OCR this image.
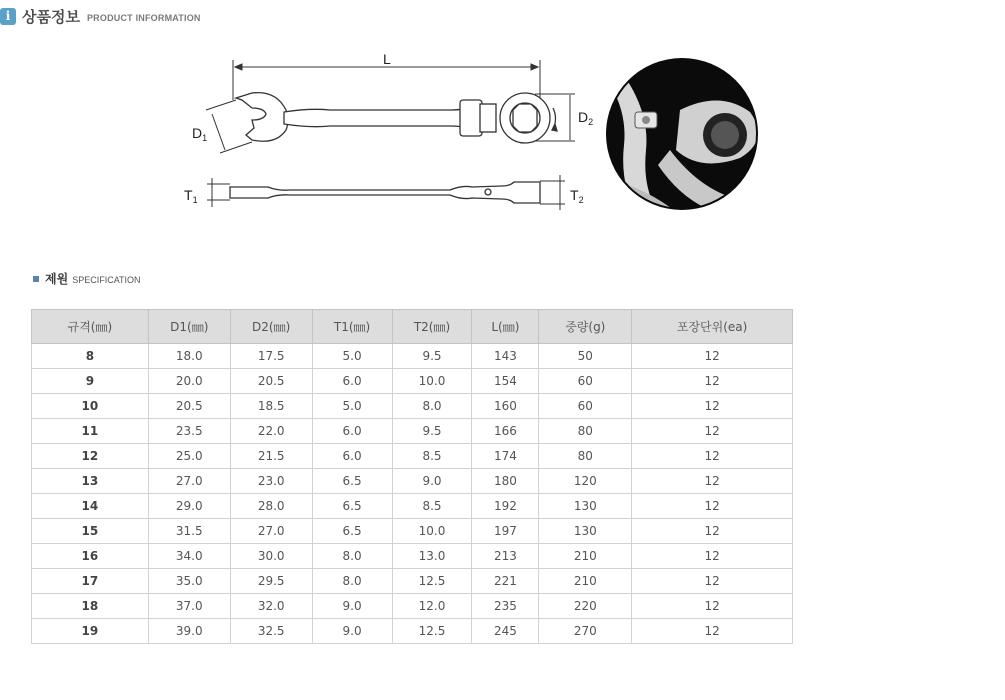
i 상품정보 PRODUCT INFORMATION
L
$D_1$
$D_2$
$T_1$	$T_2$
제원 SPECIFICATION
규격(㎜)	D1(㎜)	D2(㎜)	T1(㎜)	T2(㎜)	L(㎜)	중량(g)	포장단위(ea)
8	18.0	17.5	5.0	9.5	143	50	12
9	20.0	20.5	6.0	10.0	154	60	12
10	20.5	18.5	5.0	8.0	160	60	12
11	23.5	22.0	6.0	9.5	166	80	12
12	25.0	21.5	6.0	8.5	174	80	12
13	27.0	23.0	6.5	9.0	180	120	12
14	29.0	28.0	6.5	8.5	192	130	12
15	31.5	27.0	6.5	10.0	197	130	12
16	34.0	30.0	8.0	13.0	213	210	12
17	35.0	29.5	8.0	12.5	221	210	12
18	37.0	32.0	9.0	12.0	235	220	12
19	39.0	32.5	9.0	12.5	245	270	12
